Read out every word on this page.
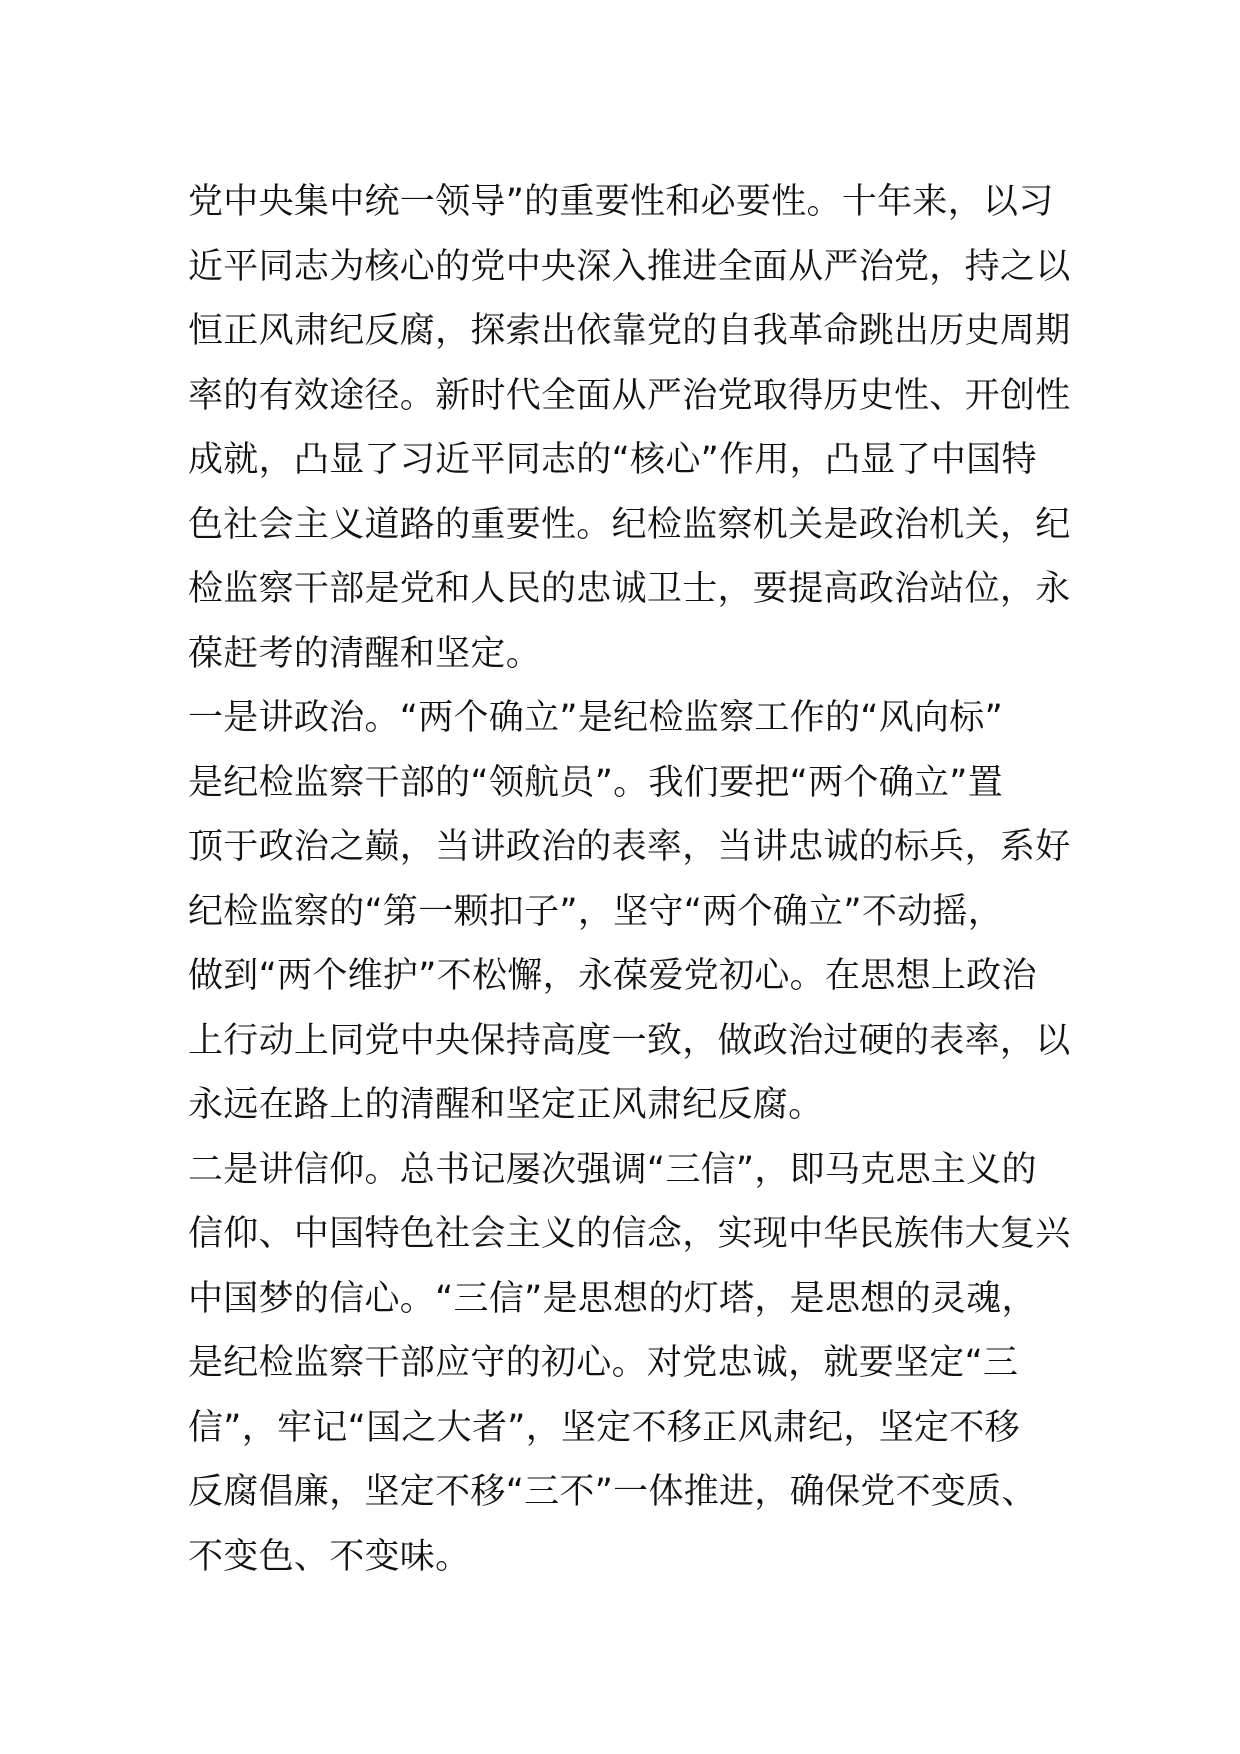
党中央集中统一领导”的重要性和必要性。十年来，以习
近平同志为核心的党中央深入推进全面从严治党，持之以
恒正风肃纪反腐，探索出依靠党的自我革命跳出历史周期
率的有效途径。新时代全面从严治党取得历史性、开创性
成就，凸显了习近平同志的“核心”作用，凸显了中国特
色社会主义道路的重要性。纪检监察机关是政治机关，纪
检监察干部是党和人民的忠诚卫士，要提高政治站位，永
葆赶考的清醒和坚定。
一是讲政治。“两个确立”是纪检监察工作的“风向标”
是纪检监察干部的“领航员”。我们要把“两个确立”置
顶于政治之巅，当讲政治的表率，当讲忠诚的标兵，系好
纪检监察的“第一颗扣子”，坚守“两个确立”不动摇，
做到“两个维护”不松懈，永葆爱党初心。在思想上政治
上行动上同党中央保持高度一致，做政治过硬的表率，以
永远在路上的清醒和坚定正风肃纪反腐。
二是讲信仰。总书记屡次强调“三信”，即马克思主义的
信仰、中国特色社会主义的信念，实现中华民族伟大复兴
中国梦的信心。“三信”是思想的灯塔，是思想的灵魂，
是纪检监察干部应守的初心。对党忠诚，就要坚定“三
信”，牢记“国之大者”，坚定不移正风肃纪，坚定不移
反腐倡廉，坚定不移“三不”一体推进，确保党不变质、
不变色、不变味。
